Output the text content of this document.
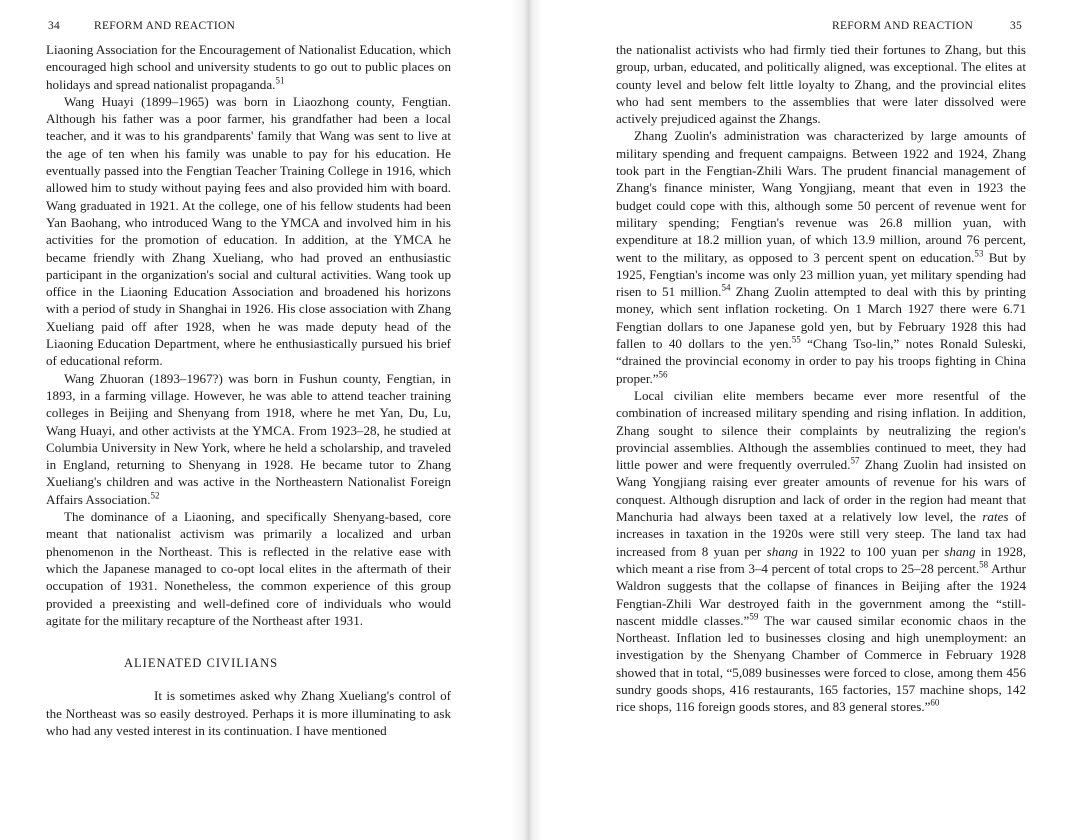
34	REFORM AND REACTION

Liaoning Association for the Encouragement of Nationalist Education, which encouraged high school and university students to go out to public places on holidays and spread nationalist propaganda.$^{51}$

Wang Huayi (1899–1965) was born in Liaozhong county, Fengtian. Although his father was a poor farmer, his grandfather had been a local teacher, and it was to his grandparents' family that Wang was sent to live at the age of ten when his family was unable to pay for his education. He eventually passed into the Fengtian Teacher Training College in 1916, which allowed him to study without paying fees and also provided him with board. Wang graduated in 1921. At the college, one of his fellow students had been Yan Baohang, who introduced Wang to the YMCA and involved him in his activities for the promotion of education. In addition, at the YMCA he became friendly with Zhang Xueliang, who had proved an enthusiastic participant in the organization's social and cultural activities. Wang took up office in the Liaoning Education Association and broadened his horizons with a period of study in Shanghai in 1926. His close association with Zhang Xueliang paid off after 1928, when he was made deputy head of the Liaoning Education Department, where he enthusiastically pursued his brief of educational reform.

Wang Zhuoran (1893–1967?) was born in Fushun county, Fengtian, in 1893, in a farming village. However, he was able to attend teacher training colleges in Beijing and Shenyang from 1918, where he met Yan, Du, Lu, Wang Huayi, and other activists at the YMCA. From 1923–28, he studied at Columbia University in New York, where he held a scholarship, and traveled in England, returning to Shenyang in 1928. He became tutor to Zhang Xueliang's children and was active in the Northeastern Nationalist Foreign Affairs Association.$^{52}$

The dominance of a Liaoning, and specifically Shenyang-based, core meant that nationalist activism was primarily a localized and urban phenomenon in the Northeast. This is reflected in the relative ease with which the Japanese managed to co-opt local elites in the aftermath of their occupation of 1931. Nonetheless, the common experience of this group provided a preexisting and well-defined core of individuals who would agitate for the military recapture of the Northeast after 1931.

ALIENATED CIVILIANS

It is sometimes asked why Zhang Xueliang's control of the Northeast was so easily destroyed. Perhaps it is more illuminating to ask who had any vested interest in its continuation. I have mentioned

REFORM AND REACTION	35

the nationalist activists who had firmly tied their fortunes to Zhang, but this group, urban, educated, and politically aligned, was exceptional. The elites at county level and below felt little loyalty to Zhang, and the provincial elites who had sent members to the assemblies that were later dissolved were actively prejudiced against the Zhangs.

Zhang Zuolin's administration was characterized by large amounts of military spending and frequent campaigns. Between 1922 and 1924, Zhang took part in the Fengtian-Zhili Wars. The prudent financial management of Zhang's finance minister, Wang Yongjiang, meant that even in 1923 the budget could cope with this, although some 50 percent of revenue went for military spending; Fengtian's revenue was 26.8 million yuan, with expenditure at 18.2 million yuan, of which 13.9 million, around 76 percent, went to the military, as opposed to 3 percent spent on education.$^{53}$ But by 1925, Fengtian's income was only 23 million yuan, yet military spending had risen to 51 million.$^{54}$ Zhang Zuolin attempted to deal with this by printing money, which sent inflation rocketing. On 1 March 1927 there were 6.71 Fengtian dollars to one Japanese gold yen, but by February 1928 this had fallen to 40 dollars to the yen.$^{55}$ “Chang Tso-lin,” notes Ronald Suleski, “drained the provincial economy in order to pay his troops fighting in China proper.”$^{56}$

Local civilian elite members became ever more resentful of the combination of increased military spending and rising inflation. In addition, Zhang sought to silence their complaints by neutralizing the region's provincial assemblies. Although the assemblies continued to meet, they had little power and were frequently overruled.$^{57}$ Zhang Zuolin had insisted on Wang Yongjiang raising ever greater amounts of revenue for his wars of conquest. Although disruption and lack of order in the region had meant that Manchuria had always been taxed at a relatively low level, the rates of increases in taxation in the 1920s were still very steep. The land tax had increased from 8 yuan per shang in 1922 to 100 yuan per shang in 1928, which meant a rise from 3–4 percent of total crops to 25–28 percent.$^{58}$ Arthur Waldron suggests that the collapse of finances in Beijing after the 1924 Fengtian-Zhili War destroyed faith in the government among the “still-nascent middle classes.”$^{59}$ The war caused similar economic chaos in the Northeast. Inflation led to businesses closing and high unemployment: an investigation by the Shenyang Chamber of Commerce in February 1928 showed that in total, “5,089 businesses were forced to close, among them 456 sundry goods shops, 416 restaurants, 165 factories, 157 machine shops, 142 rice shops, 116 foreign goods stores, and 83 general stores.”$^{60}$
